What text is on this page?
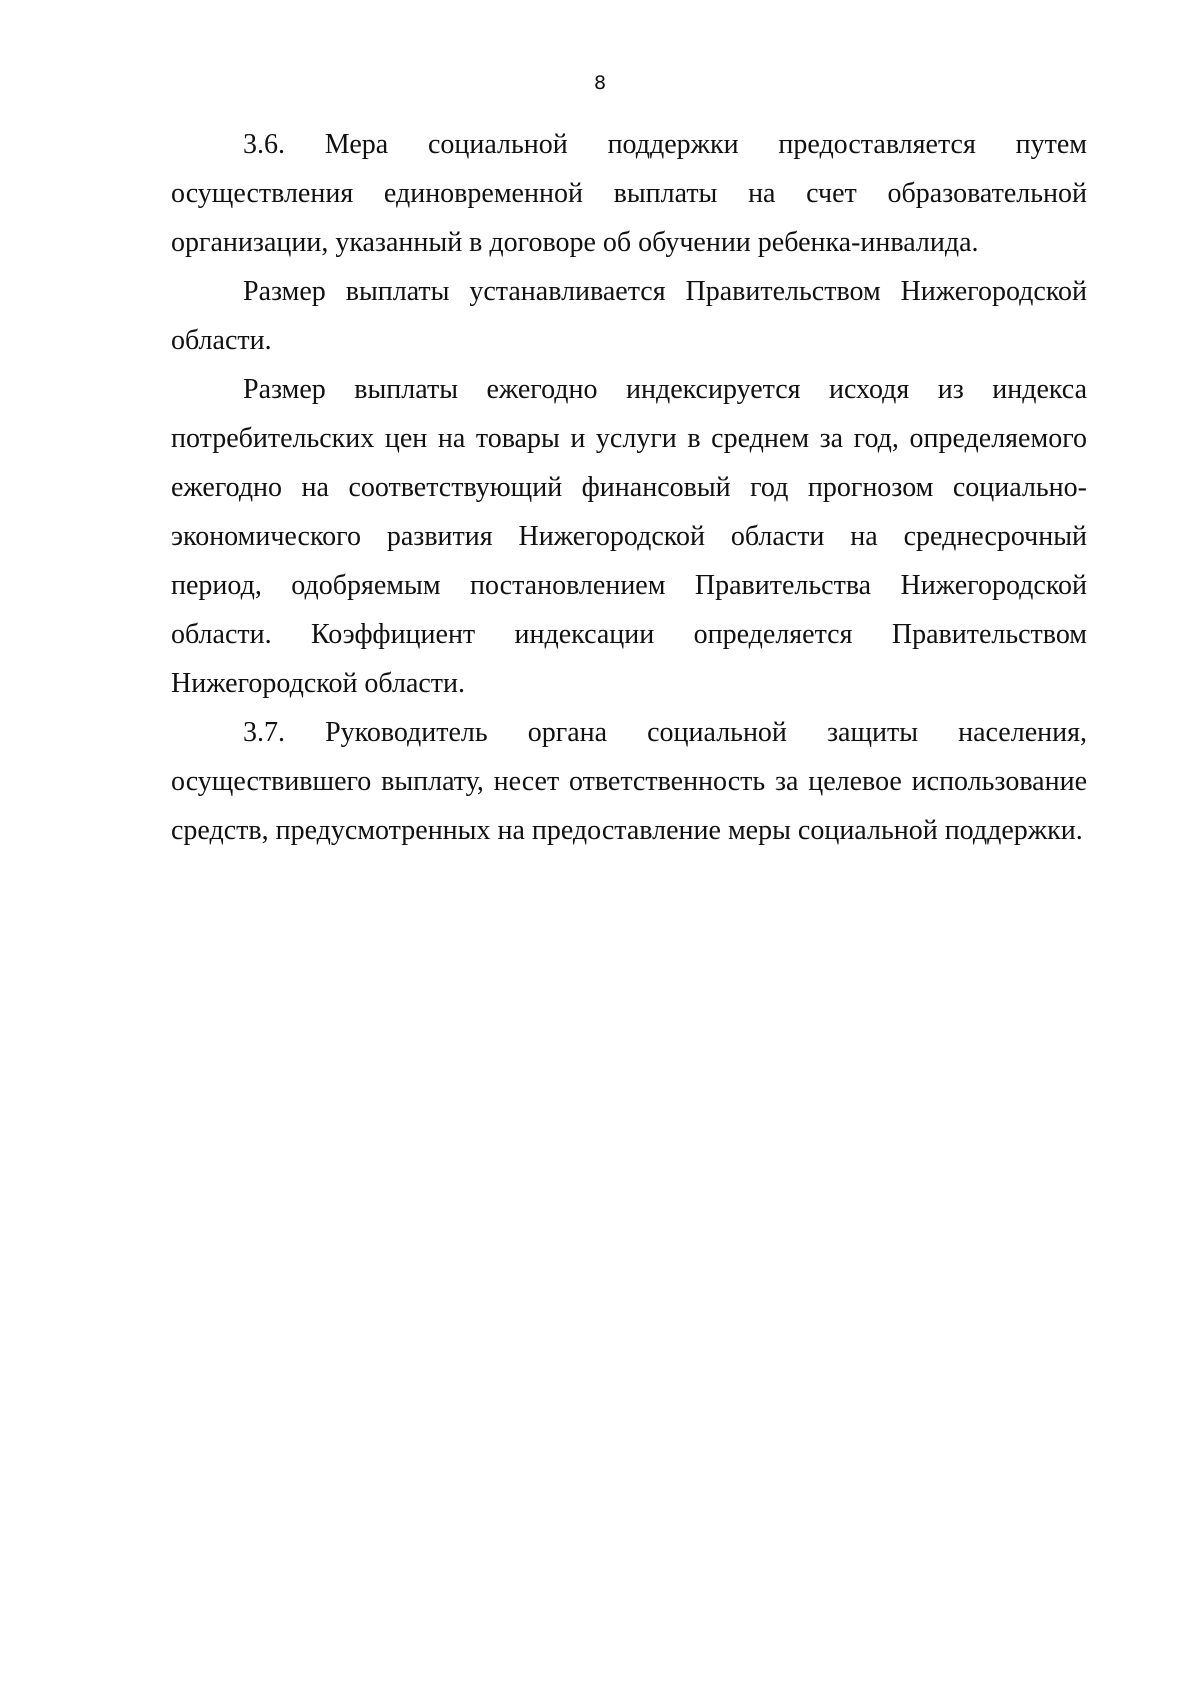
8

3.6. Мера социальной поддержки предоставляется путем осуществления единовременной выплаты на счет образовательной организации, указанный в договоре об обучении ребенка-инвалида.

Размер выплаты устанавливается Правительством Нижегородской области.

Размер выплаты ежегодно индексируется исходя из индекса потребительских цен на товары и услуги в среднем за год, определяемого ежегодно на соответствующий финансовый год прогнозом социально-экономического развития Нижегородской области на среднесрочный период, одобряемым постановлением Правительства Нижегородской области. Коэффициент индексации определяется Правительством Нижегородской области.

3.7. Руководитель органа социальной защиты населения, осуществившего выплату, несет ответственность за целевое использование средств, предусмотренных на предоставление меры социальной поддержки.
